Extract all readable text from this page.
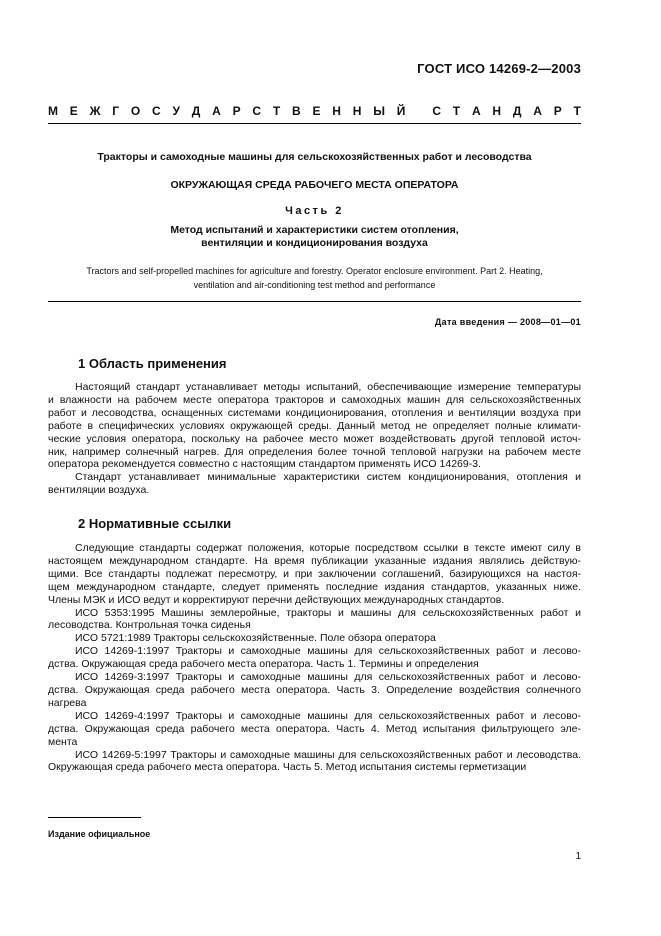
ГОСТ ИСО 14269-2—2003
М Е Ж Г О С У Д А Р С Т В Е Н Н Ы Й
С Т А Н Д А Р Т
Тракторы и самоходные машины для сельскохозяйственных работ и лесоводства
ОКРУЖАЮЩАЯ СРЕДА РАБОЧЕГО МЕСТА ОПЕРАТОРА
Часть 2
Метод испытаний и характеристики систем отопления,
вентиляции и кондиционирования воздуха
Tractors and self-propelled machines for agriculture and forestry. Operator enclosure environment. Part 2. Heating,
ventilation and air-conditioning test method and performance
Дата введения — 2008—01—01
1 Область применения
Настоящий стандарт устанавливает методы испытаний, обеспечивающие измерение температуры
и влажности на рабочем месте оператора тракторов и самоходных машин для сельскохозяйственных
работ и лесоводства, оснащенных системами кондиционирования, отопления и вентиляции воздуха при
работе в специфических условиях окружающей среды. Данный метод не определяет полные климати-
ческие условия оператора, поскольку на рабочее место может воздействовать другой тепловой источ-
ник, например солнечный нагрев. Для определения более точной тепловой нагрузки на рабочем месте
оператора рекомендуется совместно с настоящим стандартом применять ИСО 14269-3.
Стандарт устанавливает минимальные характеристики систем кондиционирования, отопления и
вентиляции воздуха.
2 Нормативные ссылки
Следующие стандарты содержат положения, которые посредством ссылки в тексте имеют силу в
настоящем международном стандарте. На время публикации указанные издания являлись действую-
щими. Все стандарты подлежат пересмотру, и при заключении соглашений, базирующихся на настоя-
щем международном стандарте, следует применять последние издания стандартов, указанных ниже.
Члены МЭК и ИСО ведут и корректируют перечни действующих международных стандартов.
ИСО 5353:1995 Машины землеройные, тракторы и машины для сельскохозяйственных работ и
лесоводства. Контрольная точка сиденья
ИСО 5721:1989 Тракторы сельскохозяйственные. Поле обзора оператора
ИСО 14269-1:1997 Тракторы и самоходные машины для сельскохозяйственных работ и лесово-
дства. Окружающая среда рабочего места оператора. Часть 1. Термины и определения
ИСО 14269-3:1997 Тракторы и самоходные машины для сельскохозяйственных работ и лесово-
дства. Окружающая среда рабочего места оператора. Часть 3. Определение воздействия солнечного
нагрева
ИСО 14269-4:1997 Тракторы и самоходные машины для сельскохозяйственных работ и лесово-
дства. Окружающая среда рабочего места оператора. Часть 4. Метод испытания фильтрующего эле-
мента
ИСО 14269-5:1997 Тракторы и самоходные машины для сельскохозяйственных работ и лесоводства.
Окружающая среда рабочего места оператора. Часть 5. Метод испытания системы герметизации
Издание официальное
1
